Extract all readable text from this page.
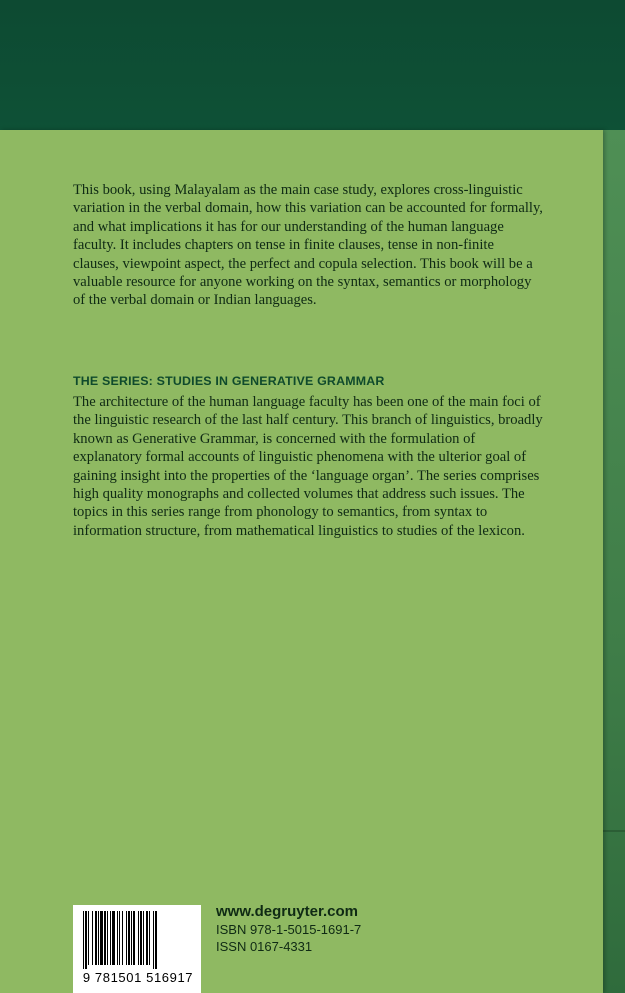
This book, using Malayalam as the main case study, explores cross-linguistic variation in the verbal domain, how this variation can be accounted for formally, and what implications it has for our understanding of the human language faculty. It includes chapters on tense in finite clauses, tense in non-finite clauses, viewpoint aspect, the perfect and copula selection. This book will be a valuable resource for anyone working on the syntax, semantics or morphology of the verbal domain or Indian languages.

THE SERIES: STUDIES IN GENERATIVE GRAMMAR

The architecture of the human language faculty has been one of the main foci of the linguistic research of the last half century. This branch of linguistics, broadly known as Generative Grammar, is concerned with the formulation of explanatory formal accounts of linguistic phenomena with the ulterior goal of gaining insight into the properties of the ‘language organ’. The series comprises high quality monographs and collected volumes that address such issues. The topics in this series range from phonology to semantics, from syntax to information structure, from mathematical linguistics to studies of the lexicon.

9 781501 516917
www.degruyter.com
ISBN 978-1-5015-1691-7
ISSN 0167-4331
